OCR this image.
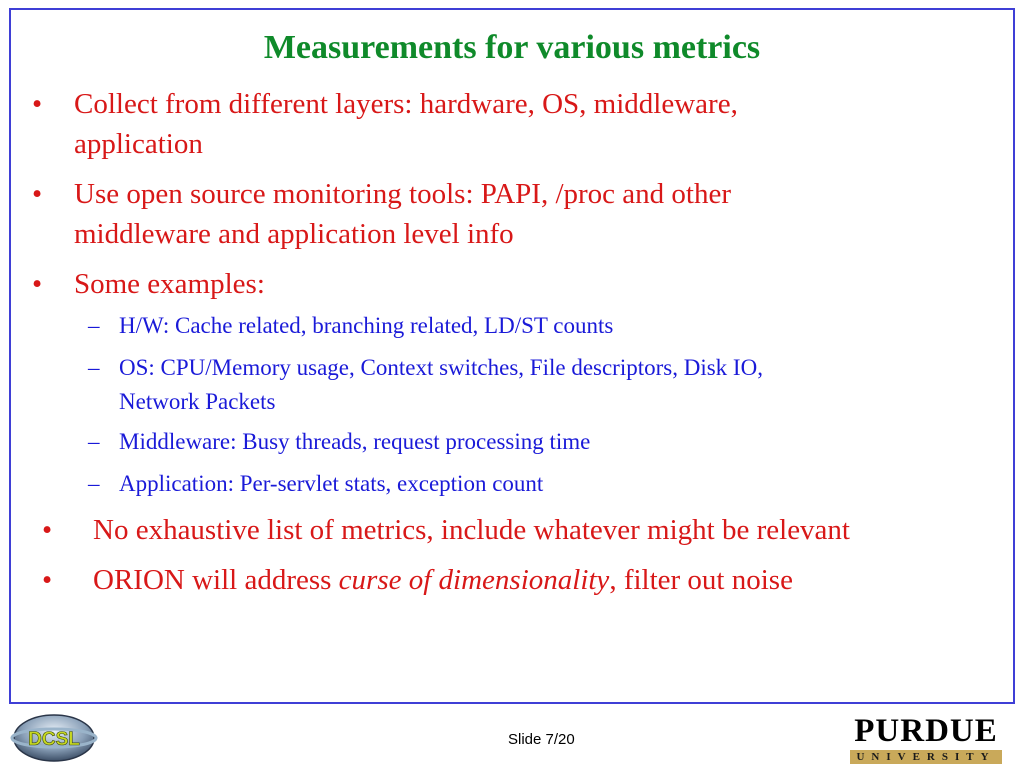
Measurements for various metrics
•	Collect from different layers: hardware, OS, middleware,
application
•	Use open source monitoring tools: PAPI, /proc and other
middleware and application level info
•	Some examples:
– H/W: Cache related, branching related, LD/ST counts
– OS: CPU/Memory usage, Context switches, File descriptors, Disk IO,
Network Packets
– Middleware: Busy threads, request processing time
– Application: Per-servlet stats, exception count
•	No exhaustive list of metrics, include whatever might be relevant
•	ORION will address curse of dimensionality, filter out noise
DCSL	Slide 7/20	PURDUE
UNIVERSITY
